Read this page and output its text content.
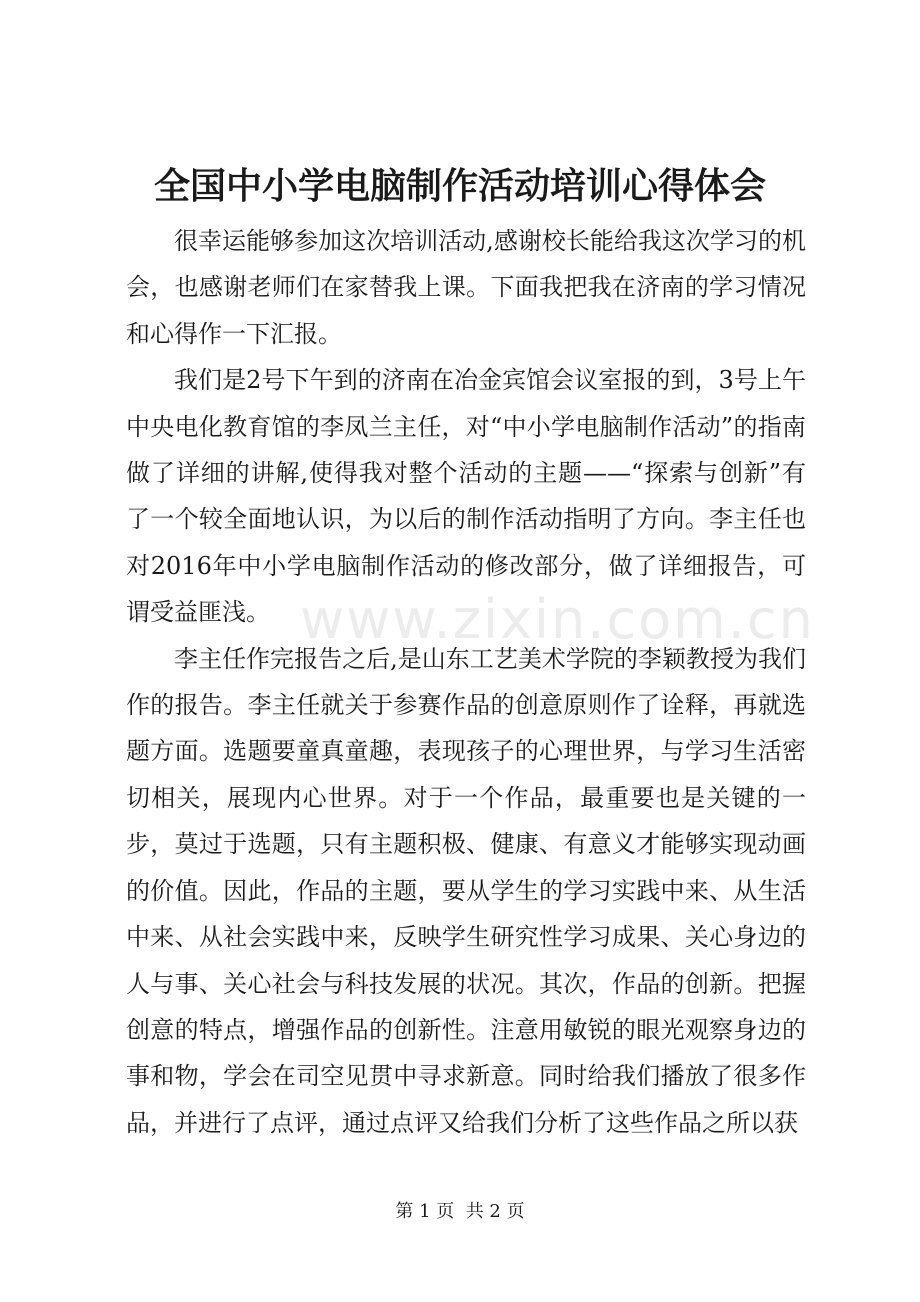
全国中小学电脑制作活动培训心得体会

很幸运能够参加这次培训活动,感谢校长能给我这次学习的机会，也感谢老师们在家替我上课。下面我把我在济南的学习情况和心得作一下汇报。

我们是2号下午到的济南在冶金宾馆会议室报的到，3号上午中央电化教育馆的李凤兰主任，对“中小学电脑制作活动”的指南做了详细的讲解,使得我对整个活动的主题——“探索与创新”有了一个较全面地认识，为以后的制作活动指明了方向。李主任也对2016年中小学电脑制作活动的修改部分，做了详细报告，可谓受益匪浅。

李主任作完报告之后,是山东工艺美术学院的李颖教授为我们作的报告。李主任就关于参赛作品的创意原则作了诠释，再就选题方面。选题要童真童趣，表现孩子的心理世界，与学习生活密切相关，展现内心世界。对于一个作品，最重要也是关键的一步，莫过于选题，只有主题积极、健康、有意义才能够实现动画的价值。因此，作品的主题，要从学生的学习实践中来、从生活中来、从社会实践中来，反映学生研究性学习成果、关心身边的人与事、关心社会与科技发展的状况。其次，作品的创新。把握创意的特点，增强作品的创新性。注意用敏锐的眼光观察身边的事和物，学会在司空见贯中寻求新意。同时给我们播放了很多作品，并进行了点评，通过点评又给我们分析了这些作品之所以获

www.zixin.com.cn
第 1 页  共 2 页
